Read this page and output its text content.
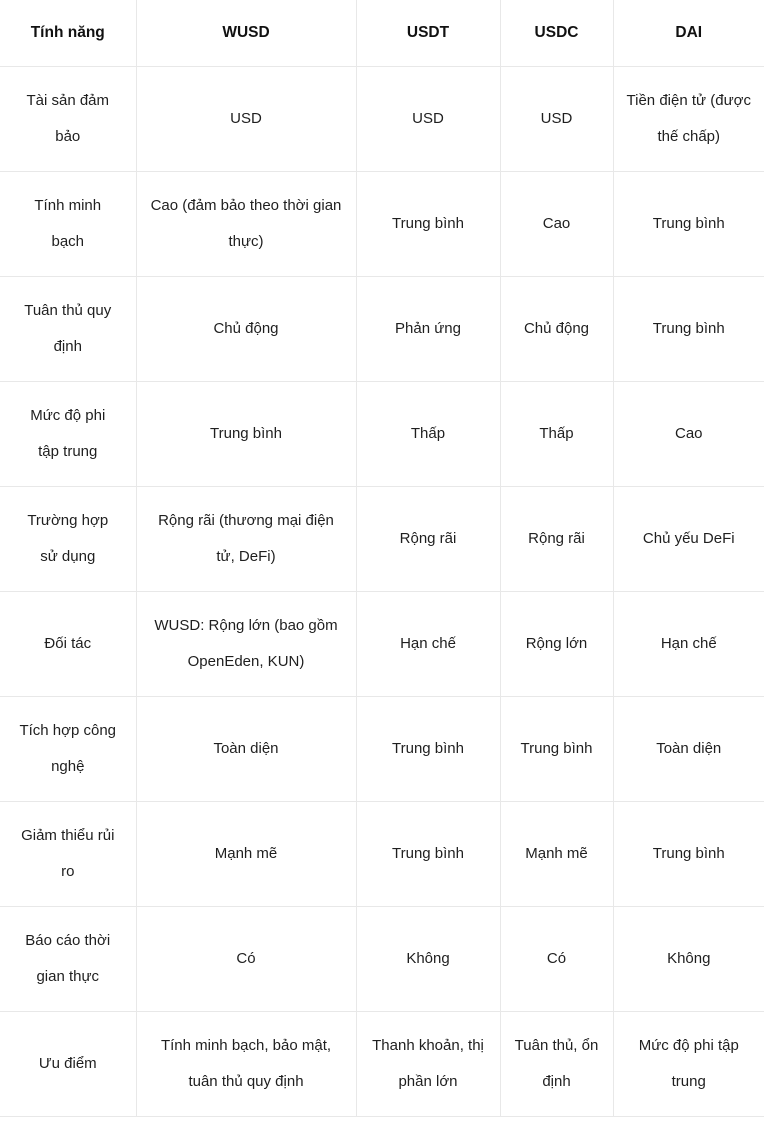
Tính năng	WUSD	USDT	USDC	DAI
Tài sản đảm bảo	USD	USD	USD	Tiền điện tử (được thế chấp)
Tính minh bạch	Cao (đảm bảo theo thời gian thực)	Trung bình	Cao	Trung bình
Tuân thủ quy định	Chủ động	Phản ứng	Chủ động	Trung bình
Mức độ phi tập trung	Trung bình	Thấp	Thấp	Cao
Trường hợp sử dụng	Rộng rãi (thương mại điện tử, DeFi)	Rộng rãi	Rộng rãi	Chủ yếu DeFi
Đối tác	WUSD: Rộng lớn (bao gồm OpenEden, KUN)	Hạn chế	Rộng lớn	Hạn chế
Tích hợp công nghệ	Toàn diện	Trung bình	Trung bình	Toàn diện
Giảm thiểu rủi ro	Mạnh mẽ	Trung bình	Mạnh mẽ	Trung bình
Báo cáo thời gian thực	Có	Không	Có	Không
Ưu điểm	Tính minh bạch, bảo mật, tuân thủ quy định	Thanh khoản, thị phần lớn	Tuân thủ, ổn định	Mức độ phi tập trung
